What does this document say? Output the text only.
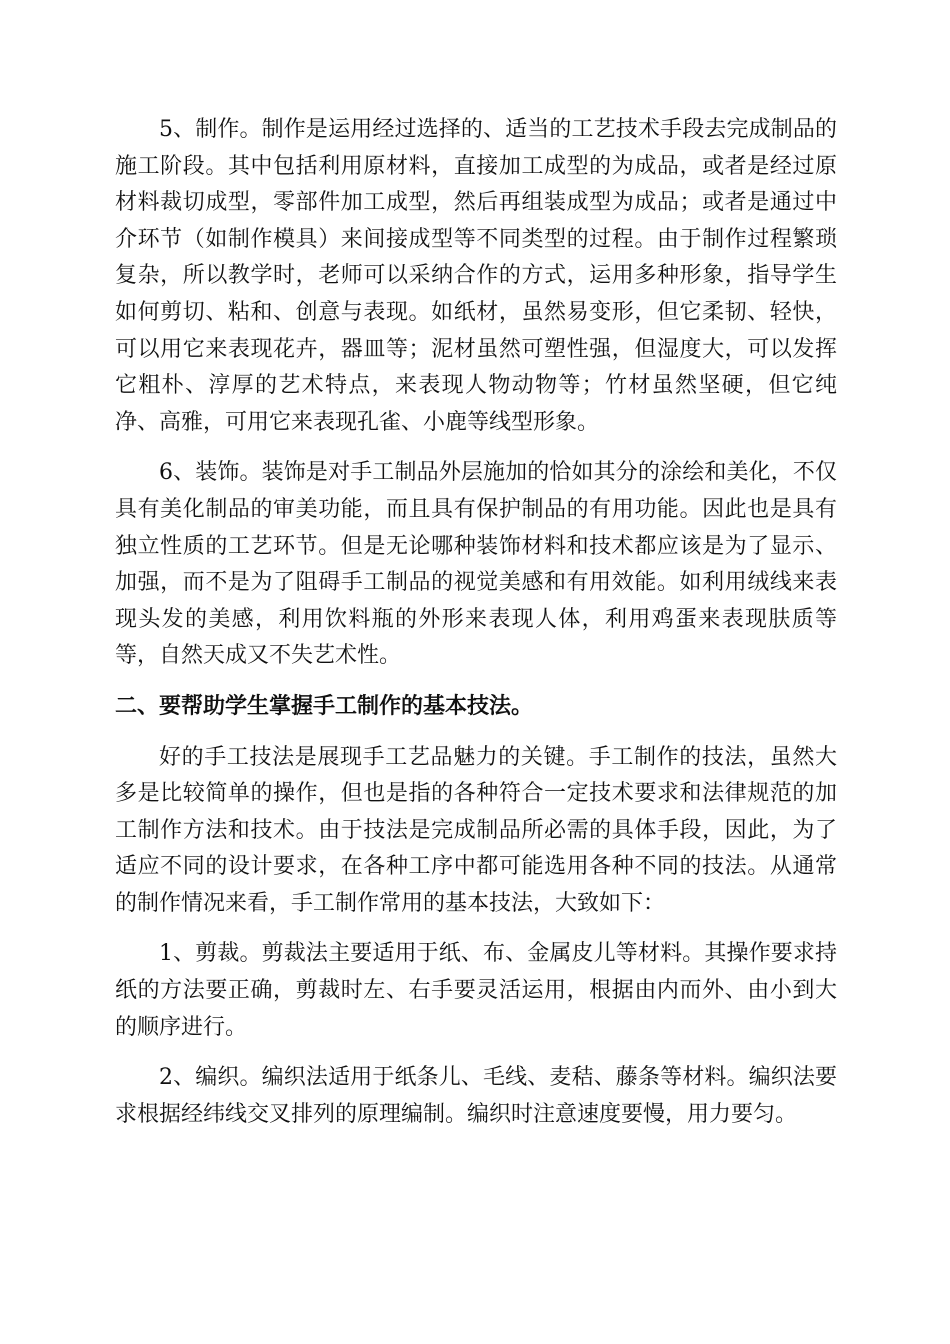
5、制作。制作是运用经过选择的、适当的工艺技术手段去完成制品的施工阶段。其中包括利用原材料，直接加工成型的为成品，或者是经过原材料裁切成型，零部件加工成型，然后再组装成型为成品；或者是通过中介环节（如制作模具）来间接成型等不同类型的过程。由于制作过程繁琐复杂，所以教学时，老师可以采纳合作的方式，运用多种形象，指导学生如何剪切、粘和、创意与表现。如纸材，虽然易变形，但它柔韧、轻快，可以用它来表现花卉，器皿等；泥材虽然可塑性强，但湿度大，可以发挥它粗朴、淳厚的艺术特点，来表现人物动物等；竹材虽然坚硬，但它纯净、高雅，可用它来表现孔雀、小鹿等线型形象。

6、装饰。装饰是对手工制品外层施加的恰如其分的涂绘和美化，不仅具有美化制品的审美功能，而且具有保护制品的有用功能。因此也是具有独立性质的工艺环节。但是无论哪种装饰材料和技术都应该是为了显示、加强，而不是为了阻碍手工制品的视觉美感和有用效能。如利用绒线来表现头发的美感，利用饮料瓶的外形来表现人体，利用鸡蛋来表现肤质等等，自然天成又不失艺术性。

二、要帮助学生掌握手工制作的基本技法。

好的手工技法是展现手工艺品魅力的关键。手工制作的技法，虽然大多是比较简单的操作，但也是指的各种符合一定技术要求和法律规范的加工制作方法和技术。由于技法是完成制品所必需的具体手段，因此，为了适应不同的设计要求，在各种工序中都可能选用各种不同的技法。从通常的制作情况来看，手工制作常用的基本技法，大致如下：

1、剪裁。剪裁法主要适用于纸、布、金属皮儿等材料。其操作要求持纸的方法要正确，剪裁时左、右手要灵活运用，根据由内而外、由小到大的顺序进行。

2、编织。编织法适用于纸条儿、毛线、麦秸、藤条等材料。编织法要求根据经纬线交叉排列的原理编制。编织时注意速度要慢，用力要匀。
